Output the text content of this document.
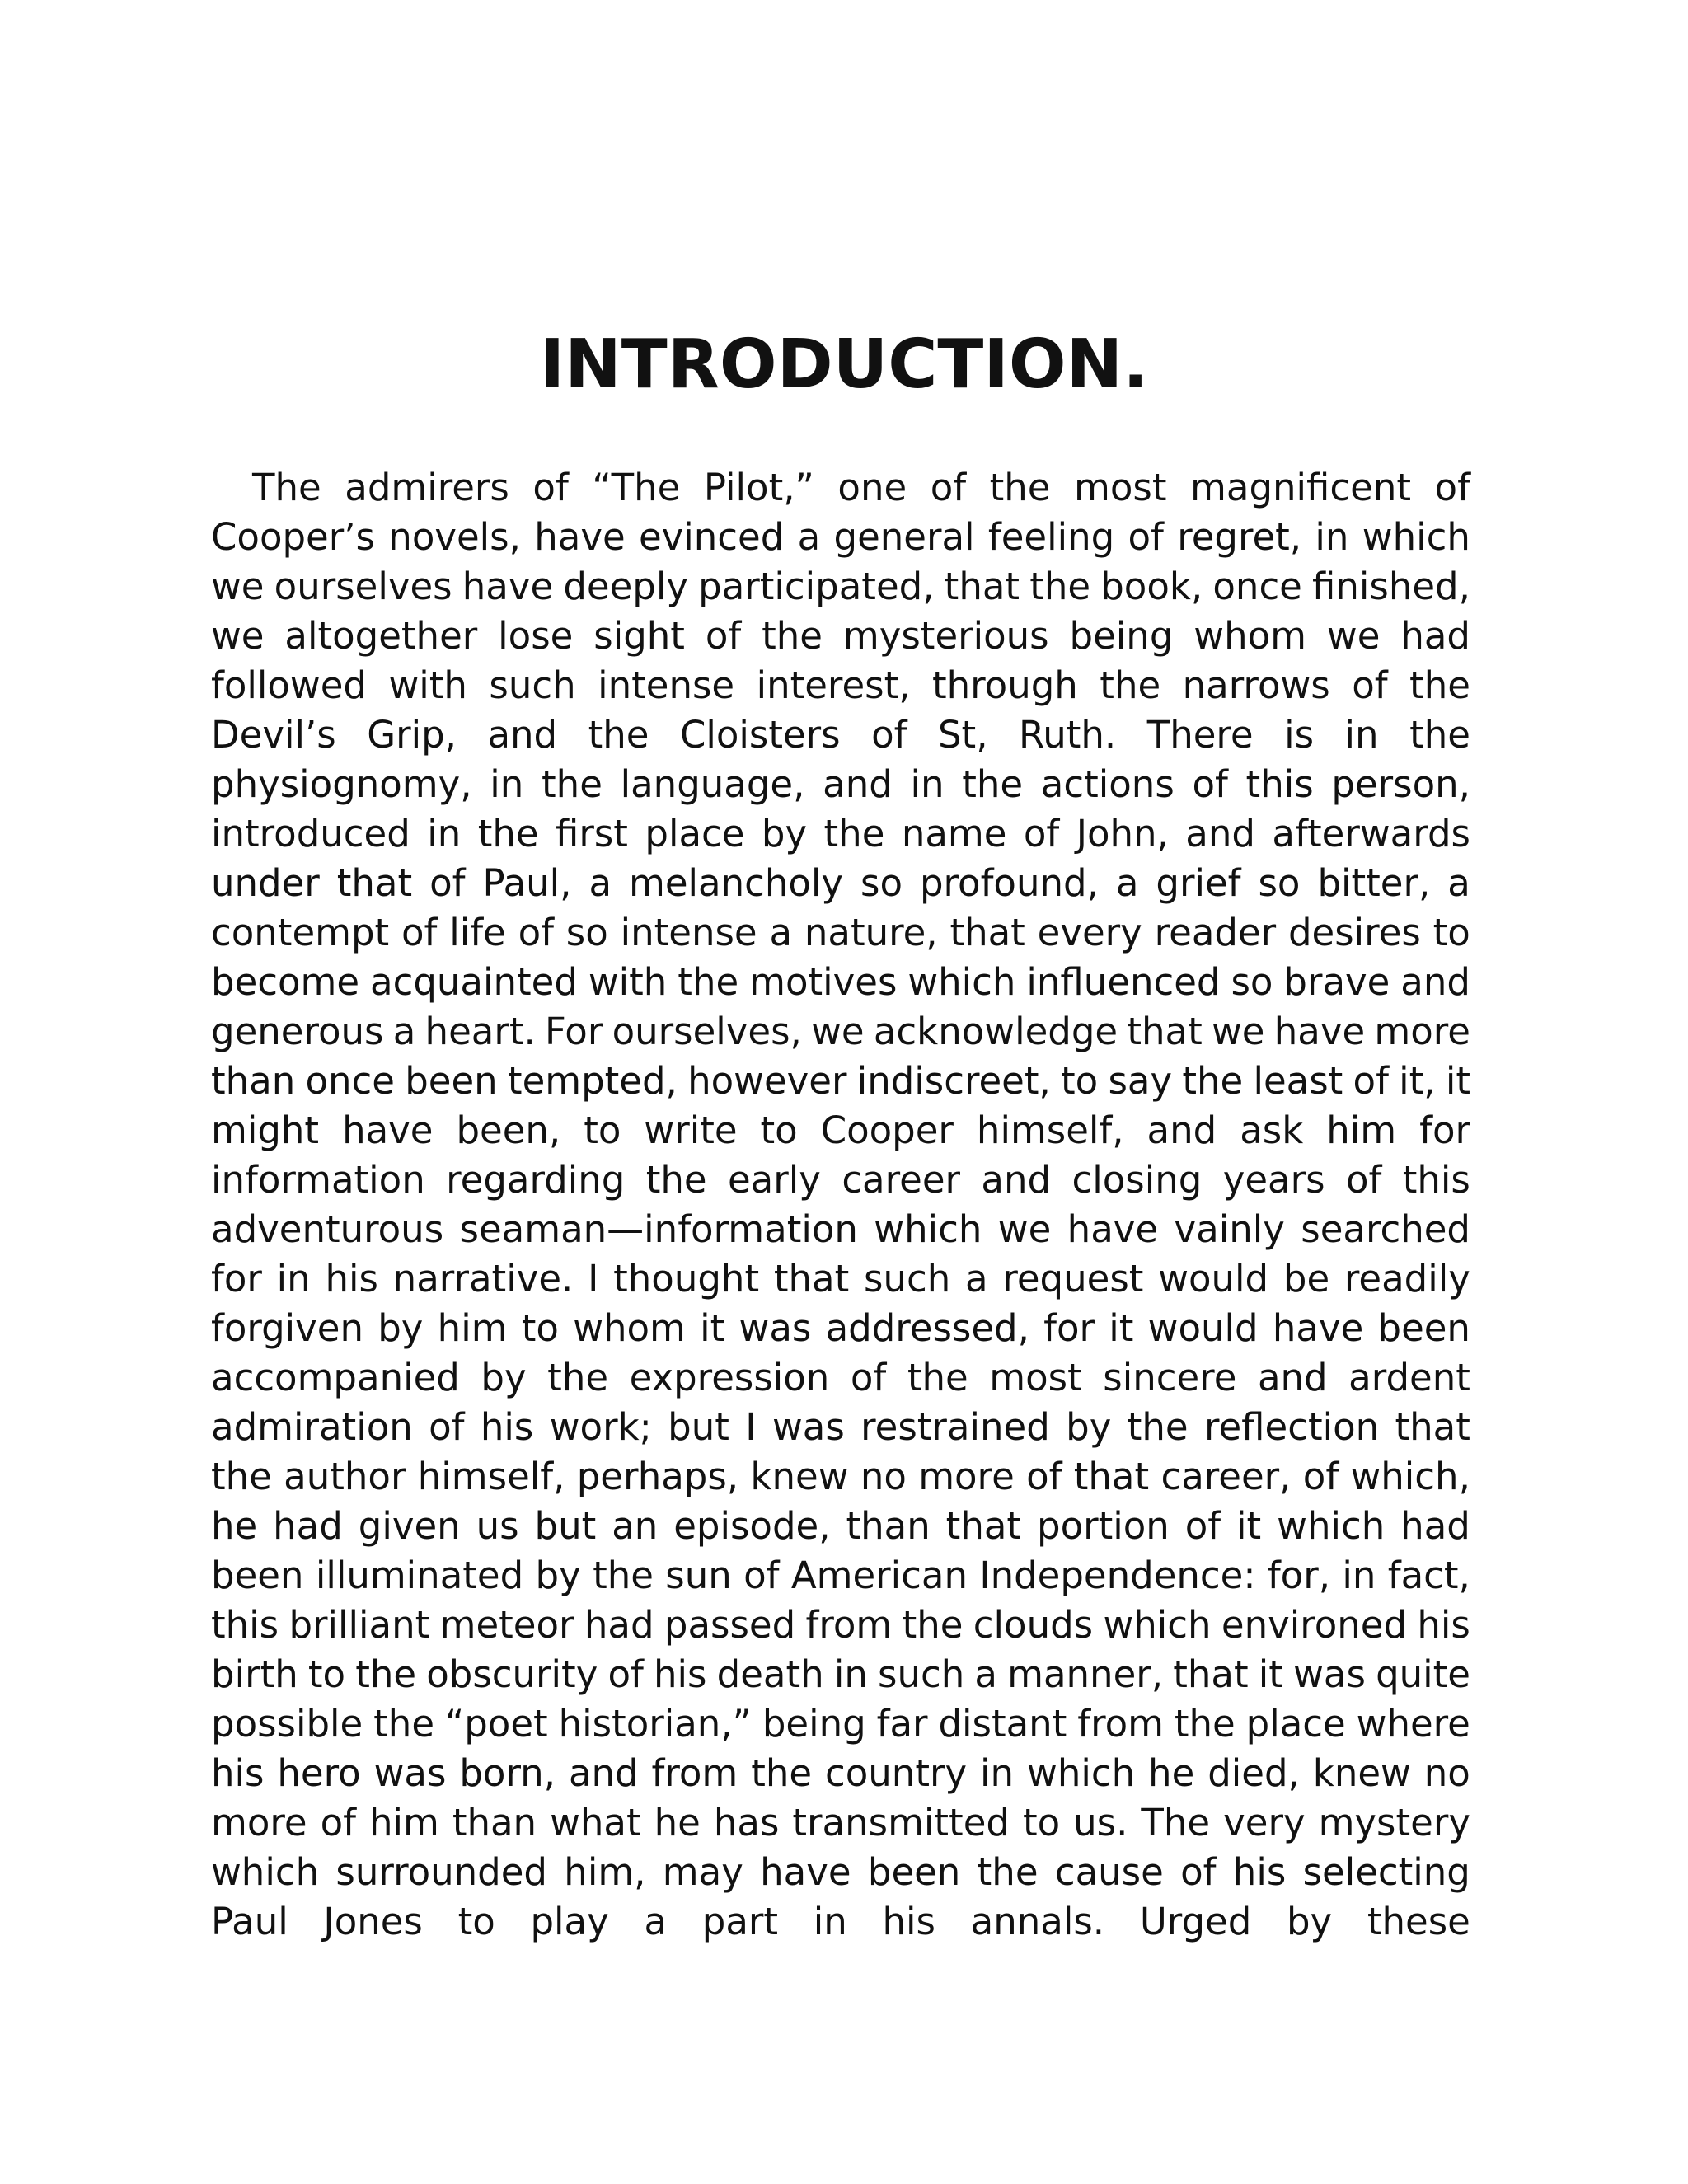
INTRODUCTION.
The admirers of “The Pilot,” one of the most magnificent of
Cooper’s novels, have evinced a general feeling of regret, in which
we ourselves have deeply participated, that the book, once finished,
we altogether lose sight of the mysterious being whom we had
followed with such intense interest, through the narrows of the
Devil’s Grip, and the Cloisters of St, Ruth. There is in the
physiognomy, in the language, and in the actions of this person,
introduced in the first place by the name of John, and afterwards
under that of Paul, a melancholy so profound, a grief so bitter, a
contempt of life of so intense a nature, that every reader desires to
become acquainted with the motives which influenced so brave and
generous a heart. For ourselves, we acknowledge that we have more
than once been tempted, however indiscreet, to say the least of it, it
might have been, to write to Cooper himself, and ask him for
information regarding the early career and closing years of this
adventurous seaman—information which we have vainly searched
for in his narrative. I thought that such a request would be readily
forgiven by him to whom it was addressed, for it would have been
accompanied by the expression of the most sincere and ardent
admiration of his work; but I was restrained by the reflection that
the author himself, perhaps, knew no more of that career, of which,
he had given us but an episode, than that portion of it which had
been illuminated by the sun of American Independence: for, in fact,
this brilliant meteor had passed from the clouds which environed his
birth to the obscurity of his death in such a manner, that it was quite
possible the “poet historian,” being far distant from the place where
his hero was born, and from the country in which he died, knew no
more of him than what he has transmitted to us. The very mystery
which surrounded him, may have been the cause of his selecting
Paul Jones to play a part in his annals. Urged by these
